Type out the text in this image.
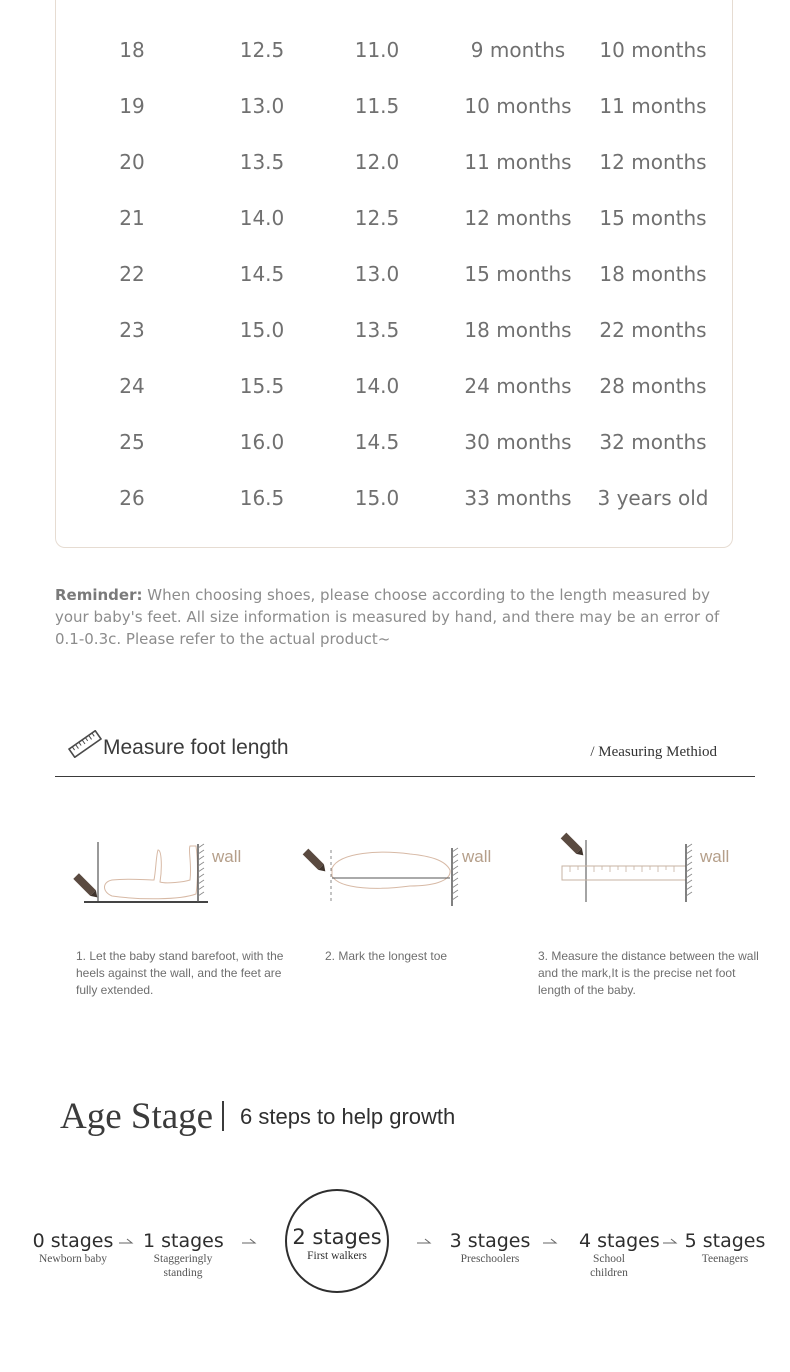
18	12.5	11.0	9 months 10 months
19	13.0	11.5	10 months 11 months
20	13.5	12.0	11 months 12 months
21	14.0	12.5	12 months 15 months
22	14.5	13.0	15 months 18 months
23	15.0	13.5	18 months 22 months
24	15.5	14.0	24 months 28 months
25	16.0	14.5	30 months 32 months
26	16.5	15.0	33 months 3 years old
Reminder: When choosing shoes, please choose according to the length measured by your baby's feet. All size information is measured by hand, and there may be an error of 0.1-0.3c. Please refer to the actual product~
Measure foot length	/ Measuring Methiod
wall	wall	wall
1. Let the baby stand barefoot, with the heels against the wall, and the feet are fully extended.
2. Mark the longest toe	3. Measure the distance between the wall and the mark,It is the precise net foot length of the baby.
Age Stage 6 steps to help growth
0 stages
Newborn baby
1 stages
Staggeringly standing
2 stages
First walkers
3 stages
Preschoolers
4 stages
School children
5 stages
Teenagers
